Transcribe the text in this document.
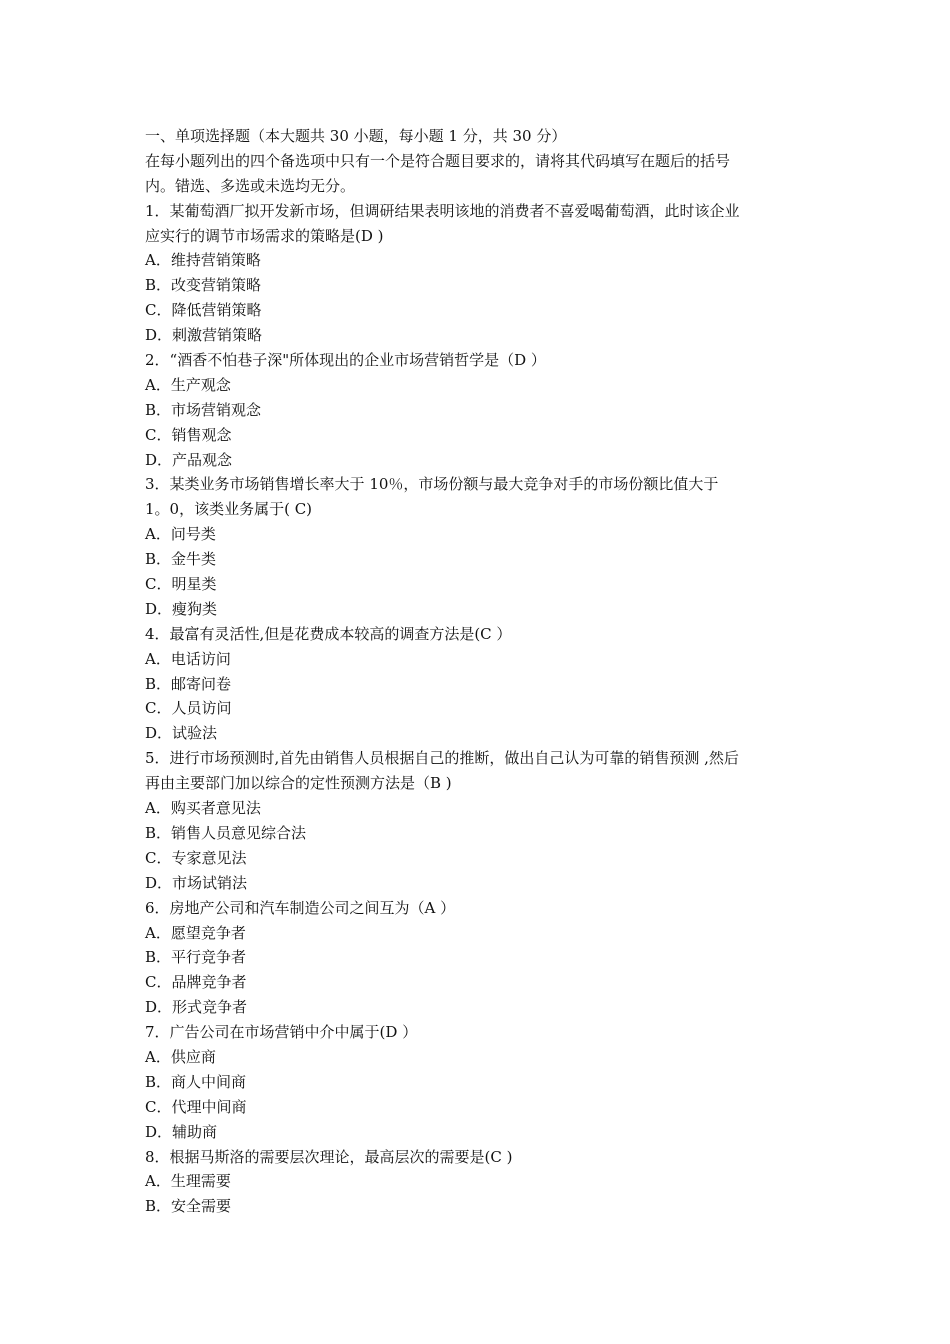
一、单项选择题（本大题共 30 小题，每小题 1 分，共 30 分）
在每小题列出的四个备选项中只有一个是符合题目要求的，请将其代码填写在题后的括号
内。错选、多选或未选均无分。
1．某葡萄酒厂拟开发新市场，但调研结果表明该地的消费者不喜爱喝葡萄酒，此时该企业
应实行的调节市场需求的策略是(D )
A．维持营销策略
B．改变营销策略
C．降低营销策略
D．刺激营销策略
2．“酒香不怕巷子深"所体现出的企业市场营销哲学是（D ）
A．生产观念
B．市场营销观念
C．销售观念
D．产品观念
3．某类业务市场销售增长率大于 10％，市场份额与最大竞争对手的市场份额比值大于
1。0，该类业务属于( C)
A．问号类
B．金牛类
C．明星类
D．瘦狗类
4．最富有灵活性,但是花费成本较高的调查方法是(C ）
A．电话访问
B．邮寄问卷
C．人员访问
D．试验法
5．进行市场预测时,首先由销售人员根据自己的推断，做出自己认为可靠的销售预测 ,然后
再由主要部门加以综合的定性预测方法是（B )
A．购买者意见法
B．销售人员意见综合法
C．专家意见法
D．市场试销法
6．房地产公司和汽车制造公司之间互为（A ）
A．愿望竞争者
B．平行竞争者
C．品牌竞争者
D．形式竞争者
7．广告公司在市场营销中介中属于(D ）
A．供应商
B．商人中间商
C．代理中间商
D．辅助商
8．根据马斯洛的需要层次理论，最高层次的需要是(C )
A．生理需要
B．安全需要
